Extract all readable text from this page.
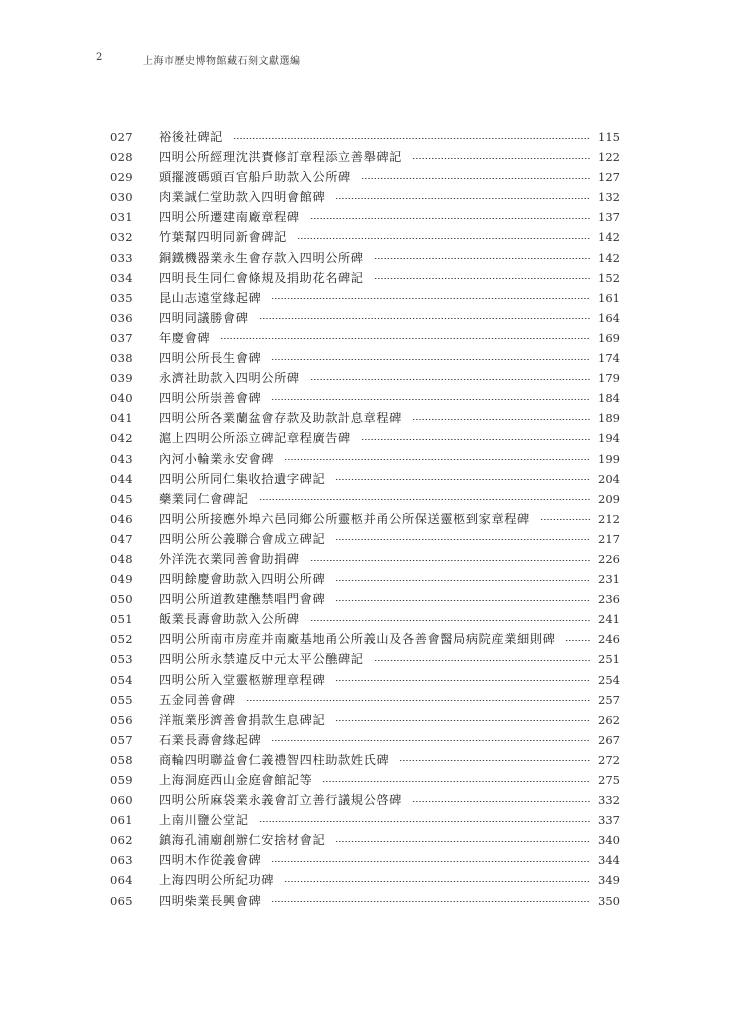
2	上海市歷史博物館藏石刻文獻選編
027	裕後社碑記	115
028	四明公所經理沈洪賚修訂章程添立善舉碑記	122
029	頭擺渡碼頭百官船戶助款入公所碑	127
030	肉業誠仁堂助款入四明會館碑	132
031	四明公所遷建南廠章程碑	137
032	竹葉幫四明同新會碑記	142
033	銅鐵機器業永生會存款入四明公所碑	142
034	四明長生同仁會條規及捐助花名碑記	152
035	昆山志遠堂緣起碑	161
036	四明同議勝會碑	164
037	年慶會碑	169
038	四明公所長生會碑	174
039	永濟社助款入四明公所碑	179
040	四明公所崇善會碑	184
041	四明公所各業蘭盆會存款及助款計息章程碑	189
042	滬上四明公所添立碑記章程廣告碑	194
043	內河小輪業永安會碑	199
044	四明公所同仁集收拾遺字碑記	204
045	藥業同仁會碑記	209
046	四明公所接應外埠六邑同鄉公所靈柩并甬公所保送靈柩到家章程碑	212
047	四明公所公義聯合會成立碑記	217
048	外洋洗衣業同善會助捐碑	226
049	四明餘慶會助款入四明公所碑	231
050	四明公所道教建醮禁唱門會碑	236
051	飯業長壽會助款入公所碑	241
052	四明公所南市房産并南廠基地甬公所義山及各善會醫局病院産業細則碑	246
053	四明公所永禁違反中元太平公醮碑記	251
054	四明公所入堂靈柩辦理章程碑	254
055	五金同善會碑	257
056	洋瓶業彤濟善會捐款生息碑記	262
057	石業長壽會緣起碑	267
058	商輪四明聯益會仁義禮智四柱助款姓氏碑	272
059	上海洞庭西山金庭會館記等	275
060	四明公所麻袋業永義會訂立善行議規公啓碑	332
061	上南川鹽公堂記	337
062	鎮海孔浦廟創辦仁安捨材會記	340
063	四明木作從義會碑	344
064	上海四明公所紀功碑	349
065	四明柴業長興會碑	350
